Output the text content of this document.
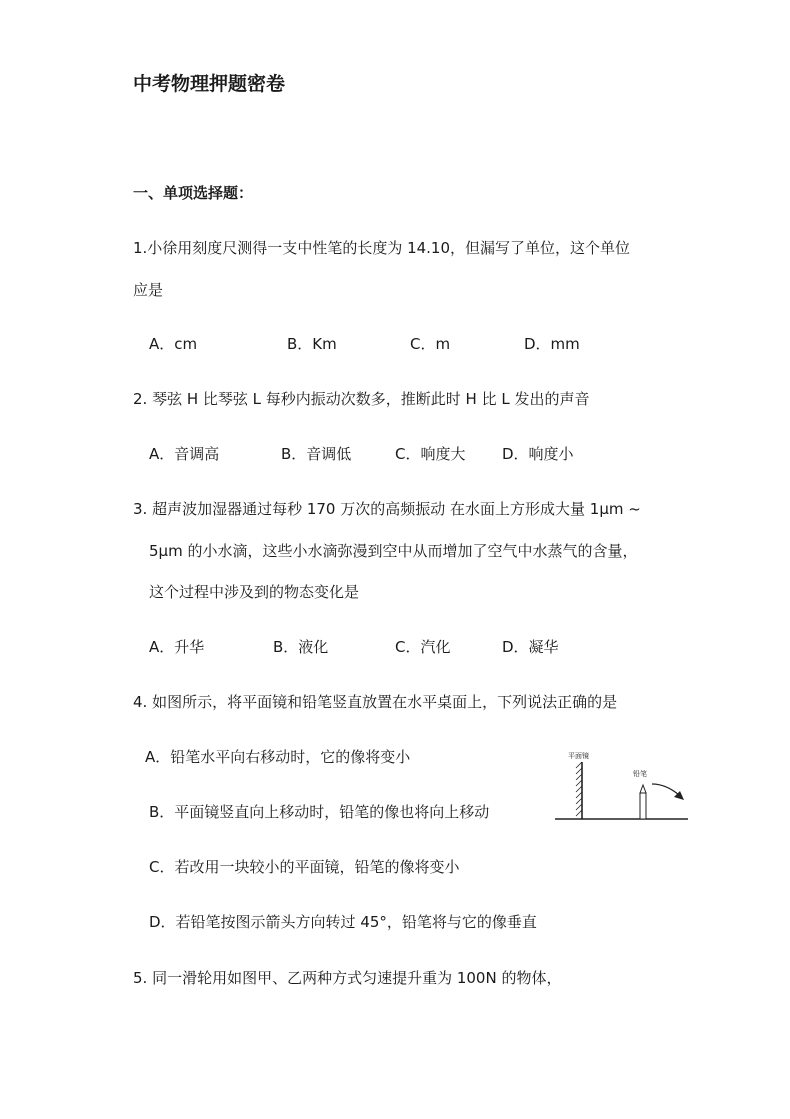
中考物理押题密卷
一、单项选择题：
1.小徐用刻度尺测得一支中性笔的长度为 14.10，但漏写了单位，这个单位
应是
A．cm	B．Km	C．m	D．mm
2. 琴弦 H 比琴弦 L 每秒内振动次数多，推断此时 H 比 L 发出的声音
A．音调高	B．音调低	C．响度大 D．响度小
3. 超声波加湿器通过每秒 170 万次的高频振动 在水面上方形成大量 1μm ~
5μm 的小水滴，这些小水滴弥漫到空中从而增加了空气中水蒸气的含量，
这个过程中涉及到的物态变化是
A．升华	B．液化	C．汽化	D．凝华
4. 如图所示，将平面镜和铅笔竖直放置在水平桌面上，下列说法正确的是
A．铅笔水平向右移动时，它的像将变小
B．平面镜竖直向上移动时，铅笔的像也将向上移动
C．若改用一块较小的平面镜，铅笔的像将变小
D．若铅笔按图示箭头方向转过 45°，铅笔将与它的像垂直
平面镜
铅笔
5. 同一滑轮用如图甲、乙两种方式匀速提升重为 100N 的物体，
